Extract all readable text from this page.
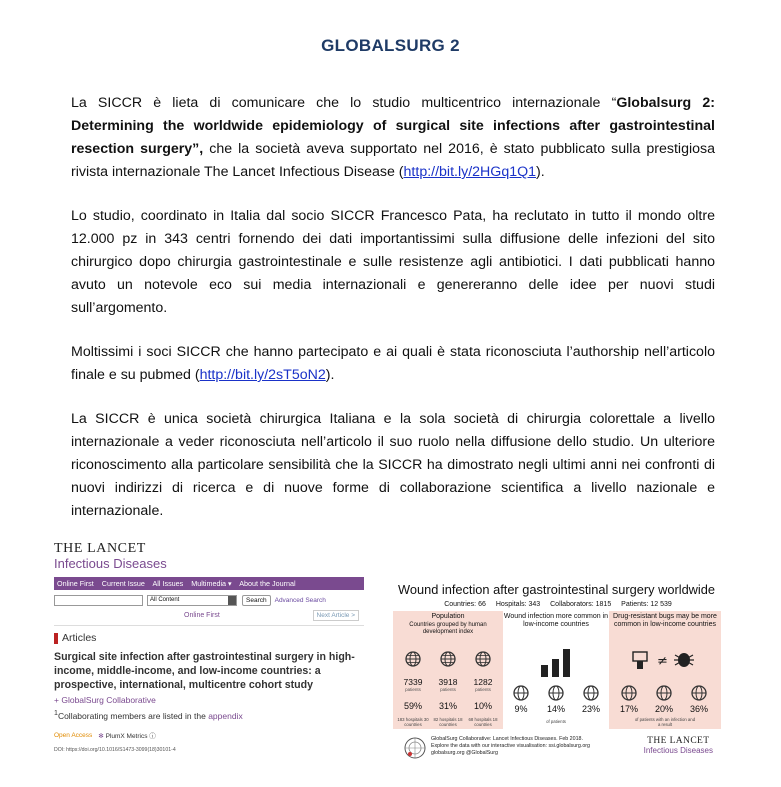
GLOBALSURG 2

La SICCR è lieta di comunicare che lo studio multicentrico internazionale “Globalsurg 2: Determining the worldwide epidemiology of surgical site infections after gastrointestinal resection surgery”, che la società aveva supportato nel 2016, è stato pubblicato sulla prestigiosa rivista internazionale The Lancet Infectious Disease (http://bit.ly/2HGq1Q1).

Lo studio, coordinato in Italia dal socio SICCR Francesco Pata, ha reclutato in tutto il mondo oltre 12.000 pz in 343 centri fornendo dei dati importantissimi sulla diffusione delle infezioni del sito chirurgico dopo chirurgia gastrointestinale e sulle resistenze agli antibiotici. I dati pubblicati hanno avuto un notevole eco sui media internazionali e genereranno delle idee per nuovi studi sull’argomento.

Moltissimi i soci SICCR che hanno partecipato e ai quali è stata riconosciuta l’authorship nell’articolo finale e su pubmed (http://bit.ly/2sT5oN2).

La SICCR è unica società chirurgica Italiana e la sola società di chirurgia colorettale a livello internazionale a veder riconosciuta nell’articolo il suo ruolo nella diffusione dello studio. Un ulteriore riconoscimento alla particolare sensibilità che la SICCR ha dimostrato negli ultimi anni nei confronti di nuovi indirizzi di ricerca e di nuove forme di collaborazione scientifica a livello nazionale e internazionale.

THE LANCET
Infectious Diseases
Online First Current Issue All Issues Multimedia ▾ About the Journal
All Content	Search	Advanced Search
Online First	Next Article >
Articles
Surgical site infection after gastrointestinal surgery in high-income, middle-income, and low-income countries: a prospective, international, multicentre cohort study
+ GlobalSurg Collaborative
$^1$Collaborating members are listed in the appendix
Open Access ✻ PlumX Metrics ⓘ
DOI: https://doi.org/10.1016/S1473-3099(18)30101-4
Wound infection after gastrointestinal surgery worldwide
Countries: 66 Hospitals: 343 Collaborators: 1815 Patients: 12 539
Population
Countries grouped by human development index
7339
patients
3918
patients
1282
patients
59%	31%	10%
183 hospitals 30 countries
82 hospitals 18 countries
68 hospitals 18 countries
Wound infection more common in low-income countries
9%	14%	23%
of patients
Drug-resistant bugs may be more common in low-income countries
≠
17%	20%	36%
of patients with an infection and a result
GlobalSurg Collaborative: Lancet Infectious Diseases. Feb 2018.
Explore the data with our interactive visualisation: ssi.globalsurg.org
globalsurg.org @GlobalSurg
THE LANCET
Infectious Diseases
